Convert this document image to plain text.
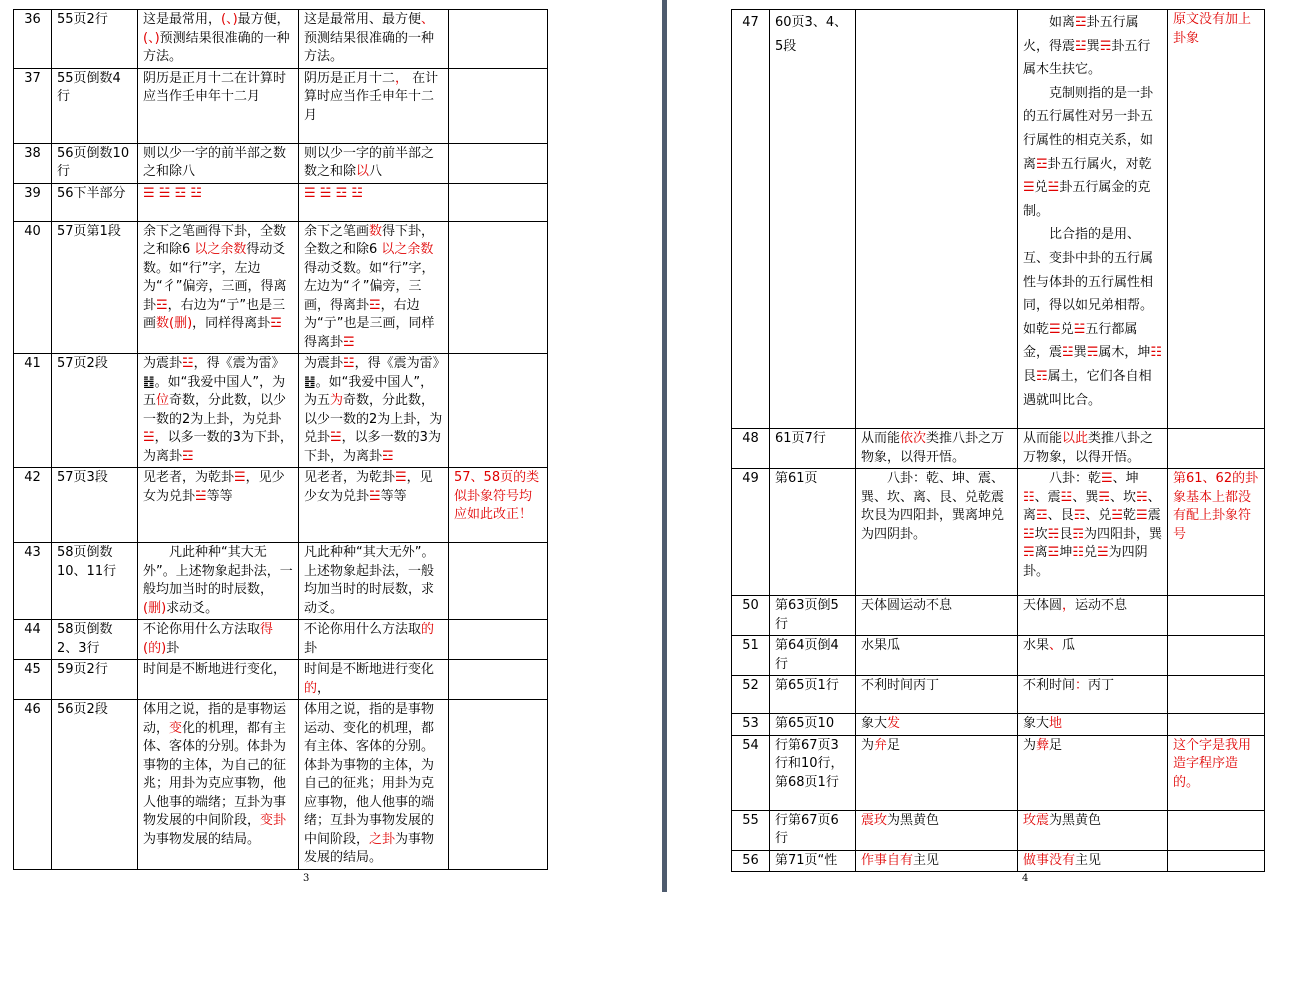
36	55页2行	这是最常用，(、)最方便，(、)预测结果很准确的一种方法。	这是最常用、最方便、预测结果很准确的一种方法。	
37	55页倒数4行	阴历是正月十二在计算时应当作壬申年十二月	阴历是正月十二， 在计算时应当作壬申年十二月	
38	56页倒数10行	则以少一字的前半部之数之和除八	则以少一字的前半部之数之和除以八	
39	56下半部分	☰ ☱ ☲ ☳	☰ ☱ ☲ ☳	
40	57页第1段	余下之笔画得下卦，全数之和除6 以之余数得动爻数。如“行”字，左边为“彳”偏旁，三画，得离卦☲，右边为“亍”也是三画数(删)，同样得离卦☲	余下之笔画数得下卦，全数之和除6 以之余数得动爻数。如“行”字，左边为“彳”偏旁，三画，得离卦☲，右边为“亍”也是三画，同样得离卦☲	
41	57页2段	为震卦☳，得《震为雷》䷲。如“我爱中国人”，为五位奇数，分此数，以少一数的2为上卦，为兑卦☱，以多一数的3为下卦，为离卦☲	为震卦☳，得《震为雷》䷲。如“我爱中国人”，为五为奇数，分此数，以少一数的2为上卦，为兑卦☱，以多一数的3为下卦，为离卦☲	
42	57页3段	见老者，为乾卦☰，见少女为兑卦☱等等	见老者，为乾卦☰，见少女为兑卦☱等等	57、58页的类似卦象符号均应如此改正！
43	58页倒数10、11行	　　凡此种种“其大无外”。上述物象起卦法，一般均加当时的时辰数，(删)求动爻。	凡此种种“其大无外”。上述物象起卦法，一般均加当时的时辰数，求动爻。	
44	58页倒数2、3行	不论你用什么方法取得(的)卦	不论你用什么方法取的卦	
45	59页2行	时间是不断地进行变化，	时间是不断地进行变化的，	
46	56页2段	体用之说，指的是事物运动，变化的机理，都有主体、客体的分别。体卦为事物的主体，为自己的征兆；用卦为克应事物，他人他事的端绪；互卦为事物发展的中间阶段，变卦为事物发展的结局。	体用之说，指的是事物运动、变化的机理，都有主体、客体的分别。体卦为事物的主体，为自己的征兆；用卦为克应事物，他人他事的端绪；互卦为事物发展的中间阶段，之卦为事物发展的结局。	
3
47	60页3、4、5段		如离☲卦五行属火，得震☳巽☴卦五行属木生扶它。
克制则指的是一卦的五行属性对另一卦五行属性的相克关系，如离☲卦五行属火，对乾☰兑☱卦五行属金的克制。
比合指的是用、互、变卦中卦的五行属性与体卦的五行属性相同，得以如兄弟相帮。如乾☰兑☱五行都属金，震☳巽☴属木，坤☷艮☶属土，它们各自相遇就叫比合。	原文没有加上卦象
48	61页7行	从而能依次类推八卦之万物象，以得开悟。	从而能以此类推八卦之万物象，以得开悟。	
49	第61页	　　八卦：乾、坤、震、巽、坎、离、艮、兑乾震坎艮为四阳卦，巽离坤兑为四阴卦。	　　八卦：乾☰、坤☷、震☳、巽☴、坎☵、离☲、艮☶、兑☱乾☰震☳坎☵艮☶为四阳卦，巽☴离☲坤☷兑☱为四阴卦。	第61、62的卦象基本上都没有配上卦象符号
50	第63页倒5行	天体圆运动不息	天体圆，运动不息	
51	第64页倒4行	水果瓜	水果、瓜	
52	第65页1行	不利时间丙丁	不利时间：丙丁	
53	第65页10	象大发	象大地	
54	行第67页3行和10行，第68页1行	为弁足	为彜足	这个字是我用造字程序造的。
55	行第67页6行	震玫为黑黄色	玫震为黑黄色	
56	第71页“性	作事自有主见	做事没有主见	
4
